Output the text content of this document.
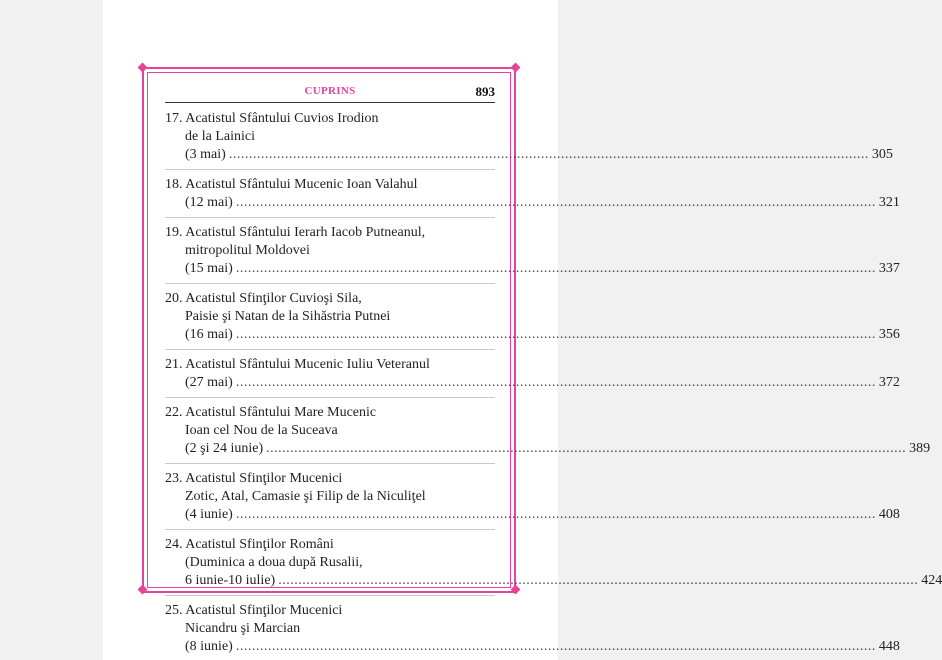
CUPRINS	893
17. Acatistul Sfântului Cuvios Irodion
de la Lainici
(3 mai) ................................................................................................................................................................ 305
18. Acatistul Sfântului Mucenic Ioan Valahul
(12 mai) ................................................................................................................................................................ 321
19. Acatistul Sfântului Ierarh Iacob Putneanul,
mitropolitul Moldovei
(15 mai) ................................................................................................................................................................ 337
20. Acatistul Sfinţilor Cuvioşi Sila,
Paisie şi Natan de la Sihăstria Putnei
(16 mai) ................................................................................................................................................................ 356
21. Acatistul Sfântului Mucenic Iuliu Veteranul
(27 mai) ................................................................................................................................................................ 372
22. Acatistul Sfântului Mare Mucenic
Ioan cel Nou de la Suceava
(2 şi 24 iunie) ................................................................................................................................................................ 389
23. Acatistul Sfinţilor Mucenici
Zotic, Atal, Camasie şi Filip de la Niculiţel
(4 iunie) ................................................................................................................................................................ 408
24. Acatistul Sfinţilor Români
(Duminica a doua după Rusalii,
6 iunie-10 iulie) ................................................................................................................................................................ 424
25. Acatistul Sfinţilor Mucenici
Nicandru şi Marcian
(8 iunie) ................................................................................................................................................................ 448
